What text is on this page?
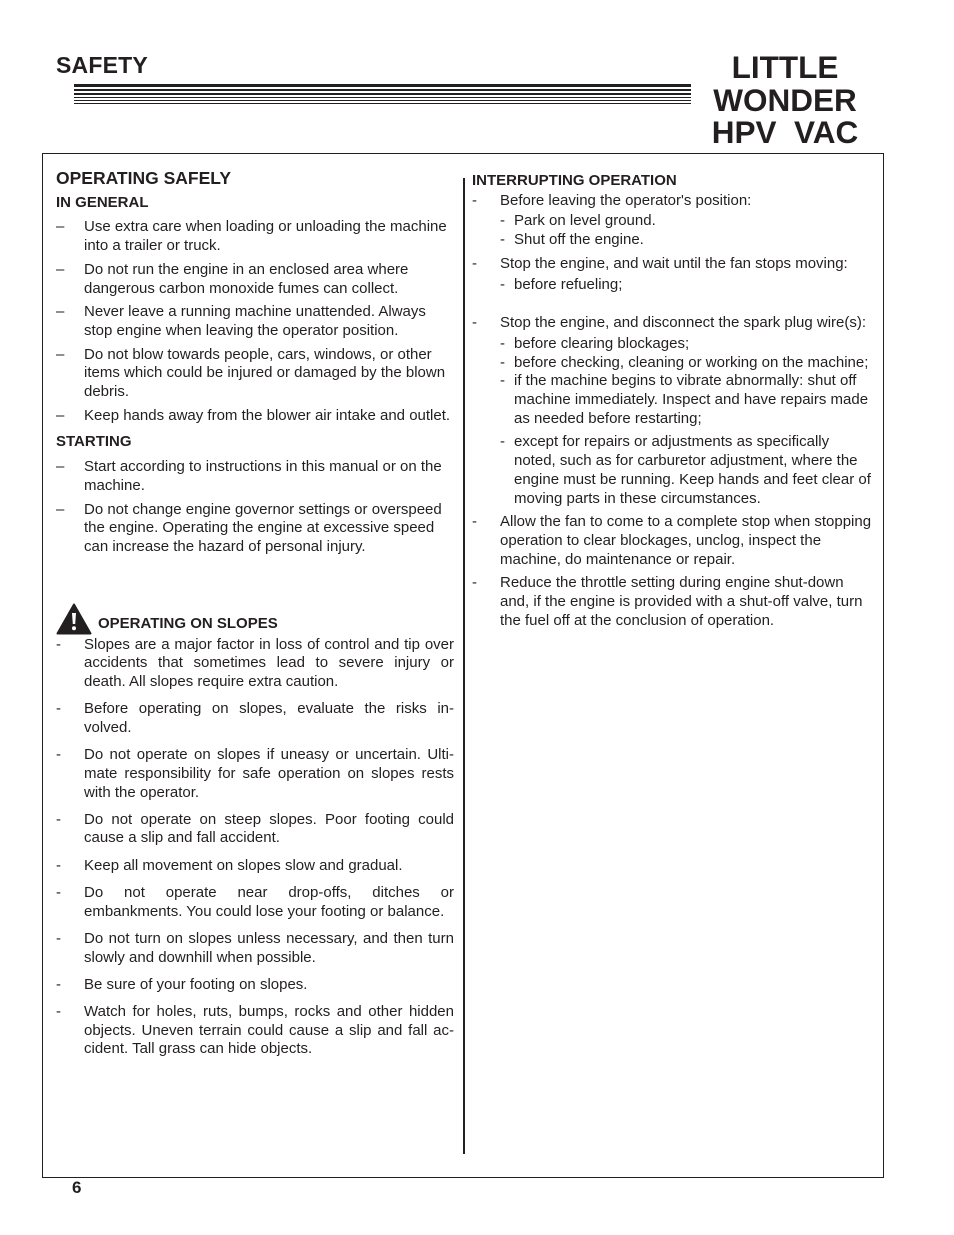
SAFETY	LITTLE
WONDER
HPV  VAC
OPERATING SAFELY
IN GENERAL
– Use extra care when loading or unloading the machine into a trailer or truck.
– Do not run the engine in an enclosed area where dangerous carbon monoxide fumes can collect.
– Never leave a running machine unattended. Always stop engine when leaving the operator position.
– Do not blow towards people, cars, windows, or other items which could be injured or damaged by the blown debris.
– Keep hands away from the blower air intake and outlet.
STARTING
– Start according to instructions in this manual or on the machine.
– Do not change engine governor settings or overspeed the engine. Operating the engine at excessive speed can increase the hazard of personal injury.
OPERATING ON SLOPES
- Slopes are a major factor in loss of control and tip over accidents that sometimes lead to severe injury or death. All slopes require extra caution.
- Before operating on slopes, evaluate the risks in-volved.
- Do not operate on slopes if uneasy or uncertain. Ulti-mate responsibility for safe operation on slopes rests with the operator.
- Do not operate on steep slopes. Poor footing could cause a slip and fall accident.
- Keep all movement on slopes slow and gradual.
- Do not operate near drop-offs, ditches or embankments. You could lose your footing or balance.
- Do not turn on slopes unless necessary, and then turn slowly and downhill when possible.
- Be sure of your footing on slopes.
- Watch for holes, ruts, bumps, rocks and other hidden objects. Uneven terrain could cause a slip and fall ac-cident. Tall grass can hide objects.
INTERRUPTING OPERATION
- Before leaving the operator's position:
- Park on level ground.
- Shut off the engine.
- Stop the engine, and wait until the fan stops moving:
- before refueling;
- Stop the engine, and disconnect the spark plug wire(s):
- before clearing blockages;
- before checking, cleaning or working on the machine;
- if the machine begins to vibrate abnormally: shut off machine immediately. Inspect and have repairs made as needed before restarting;
- except for repairs or adjustments as specifically noted, such as for carburetor adjustment, where the engine must be running. Keep hands and feet clear of moving parts in these circumstances.
- Allow the fan to come to a complete stop when stopping operation to clear blockages, unclog, inspect the machine, do maintenance or repair.
- Reduce the throttle setting during engine shut-down and, if the engine is provided with a shut-off valve, turn the fuel off at the conclusion of operation.
6
